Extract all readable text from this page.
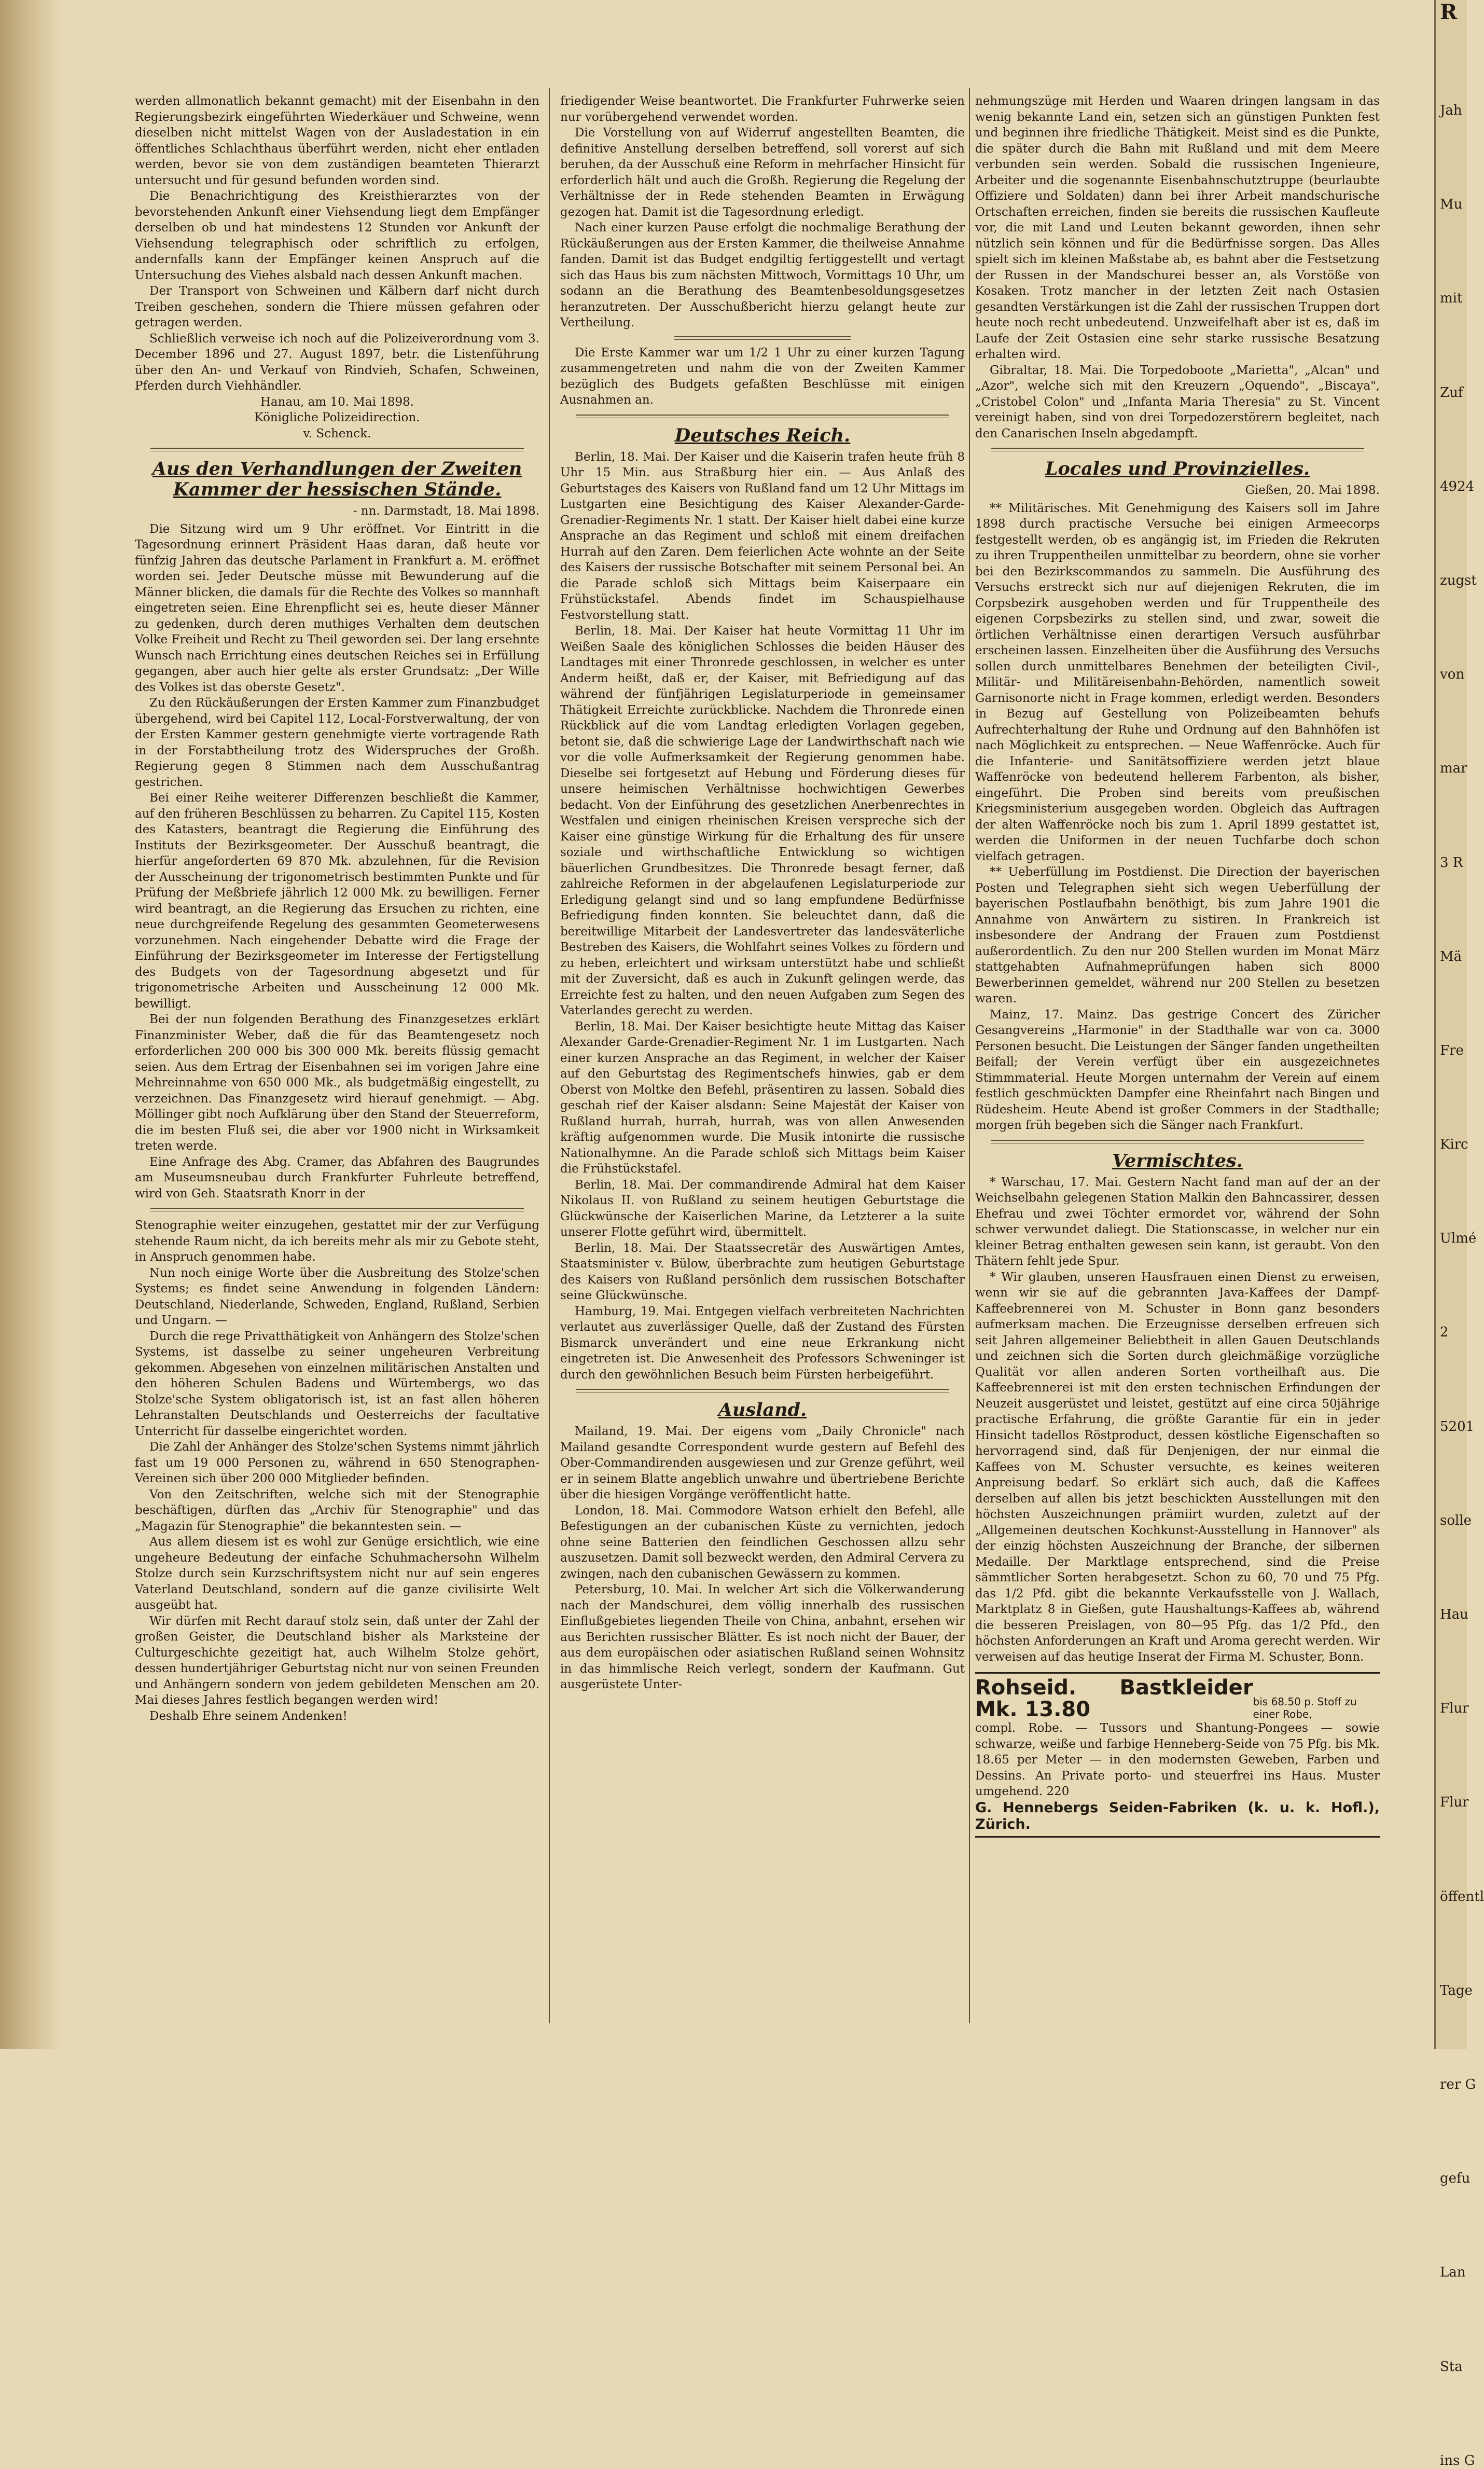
R
Jah
Mu
mit
Zuf
4924
zugst
von
mar
3 R
Mä
Fre
Kirc
Ulmé
2
5201
solle
Hau
Flur
Flur
öffentl
Tage
rer G
gefu
Lan
Sta
ins G

werden allmonatlich bekannt gemacht) mit der Eisenbahn in den Regierungsbezirk eingeführten Wiederkäuer und Schweine, wenn dieselben nicht mittelst Wagen von der Ausladestation in ein öffentliches Schlachthaus überführt werden, nicht eher entladen werden, bevor sie von dem zuständigen beamteten Thierarzt untersucht und für gesund befunden worden sind.

Die Benachrichtigung des Kreisthierarztes von der bevorstehenden Ankunft einer Viehsendung liegt dem Empfänger derselben ob und hat mindestens 12 Stunden vor Ankunft der Viehsendung telegraphisch oder schriftlich zu erfolgen, andernfalls kann der Empfänger keinen Anspruch auf die Untersuchung des Viehes alsbald nach dessen Ankunft machen.

Der Transport von Schweinen und Kälbern darf nicht durch Treiben geschehen, sondern die Thiere müssen gefahren oder getragen werden.

Schließlich verweise ich noch auf die Polizeiverordnung vom 3. December 1896 und 27. August 1897, betr. die Listenführung über den An- und Verkauf von Rindvieh, Schafen, Schweinen, Pferden durch Viehhändler.

Hanau, am 10. Mai 1898.

Königliche Polizeidirection.

v. Schenck.

Aus den Verhandlungen der Zweiten Kammer der hessischen Stände.

- nn. Darmstadt, 18. Mai 1898.

Die Sitzung wird um 9 Uhr eröffnet. Vor Eintritt in die Tagesordnung erinnert Präsident Haas daran, daß heute vor fünfzig Jahren das deutsche Parlament in Frankfurt a. M. eröffnet worden sei. Jeder Deutsche müsse mit Bewunderung auf die Männer blicken, die damals für die Rechte des Volkes so mannhaft eingetreten seien. Eine Ehrenpflicht sei es, heute dieser Männer zu gedenken, durch deren muthiges Verhalten dem deutschen Volke Freiheit und Recht zu Theil geworden sei. Der lang ersehnte Wunsch nach Errichtung eines deutschen Reiches sei in Erfüllung gegangen, aber auch hier gelte als erster Grundsatz: „Der Wille des Volkes ist das oberste Gesetz".

Zu den Rückäußerungen der Ersten Kammer zum Finanzbudget übergehend, wird bei Capitel 112, Local-Forstverwaltung, der von der Ersten Kammer gestern genehmigte vierte vortragende Rath in der Forstabtheilung trotz des Widerspruches der Großh. Regierung gegen 8 Stimmen nach dem Ausschußantrag gestrichen.

Bei einer Reihe weiterer Differenzen beschließt die Kammer, auf den früheren Beschlüssen zu beharren. Zu Capitel 115, Kosten des Katasters, beantragt die Regierung die Einführung des Instituts der Bezirksgeometer. Der Ausschuß beantragt, die hierfür angeforderten 69 870 Mk. abzulehnen, für die Revision der Ausscheinung der trigonometrisch bestimmten Punkte und für Prüfung der Meßbriefe jährlich 12 000 Mk. zu bewilligen. Ferner wird beantragt, an die Regierung das Ersuchen zu richten, eine neue durchgreifende Regelung des gesammten Geometerwesens vorzunehmen. Nach eingehender Debatte wird die Frage der Einführung der Bezirksgeometer im Interesse der Fertigstellung des Budgets von der Tagesordnung abgesetzt und für trigonometrische Arbeiten und Ausscheinung 12 000 Mk. bewilligt.

Bei der nun folgenden Berathung des Finanzgesetzes erklärt Finanzminister Weber, daß die für das Beamtengesetz noch erforderlichen 200 000 bis 300 000 Mk. bereits flüssig gemacht seien. Aus dem Ertrag der Eisenbahnen sei im vorigen Jahre eine Mehreinnahme von 650 000 Mk., als budgetmäßig eingestellt, zu verzeichnen. Das Finanzgesetz wird hierauf genehmigt. — Abg. Möllinger gibt noch Aufklärung über den Stand der Steuerreform, die im besten Fluß sei, die aber vor 1900 nicht in Wirksamkeit treten werde.

Eine Anfrage des Abg. Cramer, das Abfahren des Baugrundes am Museumsneubau durch Frankfurter Fuhrleute betreffend, wird von Geh. Staatsrath Knorr in der

Stenographie weiter einzugehen, gestattet mir der zur Verfügung stehende Raum nicht, da ich bereits mehr als mir zu Gebote steht, in Anspruch genommen habe.

Nun noch einige Worte über die Ausbreitung des Stolze'schen Systems; es findet seine Anwendung in folgenden Ländern: Deutschland, Niederlande, Schweden, England, Rußland, Serbien und Ungarn. —

Durch die rege Privatthätigkeit von Anhängern des Stolze'schen Systems, ist dasselbe zu seiner ungeheuren Verbreitung gekommen. Abgesehen von einzelnen militärischen Anstalten und den höheren Schulen Badens und Würtembergs, wo das Stolze'sche System obligatorisch ist, ist an fast allen höheren Lehranstalten Deutschlands und Oesterreichs der facultative Unterricht für dasselbe eingerichtet worden.

Die Zahl der Anhänger des Stolze'schen Systems nimmt jährlich fast um 19 000 Personen zu, während in 650 Stenographen-Vereinen sich über 200 000 Mitglieder befinden.

Von den Zeitschriften, welche sich mit der Stenographie beschäftigen, dürften das „Archiv für Stenographie" und das „Magazin für Stenographie" die bekanntesten sein. —

Aus allem diesem ist es wohl zur Genüge ersichtlich, wie eine ungeheure Bedeutung der einfache Schuhmachersohn Wilhelm Stolze durch sein Kurzschriftsystem nicht nur auf sein engeres Vaterland Deutschland, sondern auf die ganze civilisirte Welt ausgeübt hat.

Wir dürfen mit Recht darauf stolz sein, daß unter der Zahl der großen Geister, die Deutschland bisher als Marksteine der Culturgeschichte gezeitigt hat, auch Wilhelm Stolze gehört, dessen hundertjähriger Geburtstag nicht nur von seinen Freunden und Anhängern sondern von jedem gebildeten Menschen am 20. Mai dieses Jahres festlich begangen werden wird!

Deshalb Ehre seinem Andenken!

friedigender Weise beantwortet. Die Frankfurter Fuhrwerke seien nur vorübergehend verwendet worden.

Die Vorstellung von auf Widerruf angestellten Beamten, die definitive Anstellung derselben betreffend, soll vorerst auf sich beruhen, da der Ausschuß eine Reform in mehrfacher Hinsicht für erforderlich hält und auch die Großh. Regierung die Regelung der Verhältnisse der in Rede stehenden Beamten in Erwägung gezogen hat. Damit ist die Tagesordnung erledigt.

Nach einer kurzen Pause erfolgt die nochmalige Berathung der Rückäußerungen aus der Ersten Kammer, die theilweise Annahme fanden. Damit ist das Budget endgiltig fertiggestellt und vertagt sich das Haus bis zum nächsten Mittwoch, Vormittags 10 Uhr, um sodann an die Berathung des Beamtenbesoldungsgesetzes heranzutreten. Der Ausschußbericht hierzu gelangt heute zur Vertheilung.

Die Erste Kammer war um 1/2 1 Uhr zu einer kurzen Tagung zusammengetreten und nahm die von der Zweiten Kammer bezüglich des Budgets gefaßten Beschlüsse mit einigen Ausnahmen an.

Deutsches Reich.

Berlin, 18. Mai. Der Kaiser und die Kaiserin trafen heute früh 8 Uhr 15 Min. aus Straßburg hier ein. — Aus Anlaß des Geburtstages des Kaisers von Rußland fand um 12 Uhr Mittags im Lustgarten eine Besichtigung des Kaiser Alexander-Garde-Grenadier-Regiments Nr. 1 statt. Der Kaiser hielt dabei eine kurze Ansprache an das Regiment und schloß mit einem dreifachen Hurrah auf den Zaren. Dem feierlichen Acte wohnte an der Seite des Kaisers der russische Botschafter mit seinem Personal bei. An die Parade schloß sich Mittags beim Kaiserpaare ein Frühstückstafel. Abends findet im Schauspielhause Festvorstellung statt.

Berlin, 18. Mai. Der Kaiser hat heute Vormittag 11 Uhr im Weißen Saale des königlichen Schlosses die beiden Häuser des Landtages mit einer Thronrede geschlossen, in welcher es unter Anderm heißt, daß er, der Kaiser, mit Befriedigung auf das während der fünfjährigen Legislaturperiode in gemeinsamer Thätigkeit Erreichte zurückblicke. Nachdem die Thronrede einen Rückblick auf die vom Landtag erledigten Vorlagen gegeben, betont sie, daß die schwierige Lage der Landwirthschaft nach wie vor die volle Aufmerksamkeit der Regierung genommen habe. Dieselbe sei fortgesetzt auf Hebung und Förderung dieses für unsere heimischen Verhältnisse hochwichtigen Gewerbes bedacht. Von der Einführung des gesetzlichen Anerbenrechtes in Westfalen und einigen rheinischen Kreisen verspreche sich der Kaiser eine günstige Wirkung für die Erhaltung des für unsere soziale und wirthschaftliche Entwicklung so wichtigen bäuerlichen Grundbesitzes. Die Thronrede besagt ferner, daß zahlreiche Reformen in der abgelaufenen Legislaturperiode zur Erledigung gelangt sind und so lang empfundene Bedürfnisse Befriedigung finden konnten. Sie beleuchtet dann, daß die bereitwillige Mitarbeit der Landesvertreter das landesväterliche Bestreben des Kaisers, die Wohlfahrt seines Volkes zu fördern und zu heben, erleichtert und wirksam unterstützt habe und schließt mit der Zuversicht, daß es auch in Zukunft gelingen werde, das Erreichte fest zu halten, und den neuen Aufgaben zum Segen des Vaterlandes gerecht zu werden.

Berlin, 18. Mai. Der Kaiser besichtigte heute Mittag das Kaiser Alexander Garde-Grenadier-Regiment Nr. 1 im Lustgarten. Nach einer kurzen Ansprache an das Regiment, in welcher der Kaiser auf den Geburtstag des Regimentschefs hinwies, gab er dem Oberst von Moltke den Befehl, präsentiren zu lassen. Sobald dies geschah rief der Kaiser alsdann: Seine Majestät der Kaiser von Rußland hurrah, hurrah, hurrah, was von allen Anwesenden kräftig aufgenommen wurde. Die Musik intonirte die russische Nationalhymne. An die Parade schloß sich Mittags beim Kaiser die Frühstückstafel.

Berlin, 18. Mai. Der commandirende Admiral hat dem Kaiser Nikolaus II. von Rußland zu seinem heutigen Geburtstage die Glückwünsche der Kaiserlichen Marine, da Letzterer a la suite unserer Flotte geführt wird, übermittelt.

Berlin, 18. Mai. Der Staatssecretär des Auswärtigen Amtes, Staatsminister v. Bülow, überbrachte zum heutigen Geburtstage des Kaisers von Rußland persönlich dem russischen Botschafter seine Glückwünsche.

Hamburg, 19. Mai. Entgegen vielfach verbreiteten Nachrichten verlautet aus zuverlässiger Quelle, daß der Zustand des Fürsten Bismarck unverändert und eine neue Erkrankung nicht eingetreten ist. Die Anwesenheit des Professors Schweninger ist durch den gewöhnlichen Besuch beim Fürsten herbeigeführt.

Ausland.

Mailand, 19. Mai. Der eigens vom „Daily Chronicle" nach Mailand gesandte Correspondent wurde gestern auf Befehl des Ober-Commandirenden ausgewiesen und zur Grenze geführt, weil er in seinem Blatte angeblich unwahre und übertriebene Berichte über die hiesigen Vorgänge veröffentlicht hatte.

London, 18. Mai. Commodore Watson erhielt den Befehl, alle Befestigungen an der cubanischen Küste zu vernichten, jedoch ohne seine Batterien den feindlichen Geschossen allzu sehr auszusetzen. Damit soll bezweckt werden, den Admiral Cervera zu zwingen, nach den cubanischen Gewässern zu kommen.

Petersburg, 10. Mai. In welcher Art sich die Völkerwanderung nach der Mandschurei, dem völlig innerhalb des russischen Einflußgebietes liegenden Theile von China, anbahnt, ersehen wir aus Berichten russischer Blätter. Es ist noch nicht der Bauer, der aus dem europäischen oder asiatischen Rußland seinen Wohnsitz in das himmlische Reich verlegt, sondern der Kaufmann. Gut ausgerüstete Unter-

nehmungszüge mit Herden und Waaren dringen langsam in das wenig bekannte Land ein, setzen sich an günstigen Punkten fest und beginnen ihre friedliche Thätigkeit. Meist sind es die Punkte, die später durch die Bahn mit Rußland und mit dem Meere verbunden sein werden. Sobald die russischen Ingenieure, Arbeiter und die sogenannte Eisenbahnschutztruppe (beurlaubte Offiziere und Soldaten) dann bei ihrer Arbeit mandschurische Ortschaften erreichen, finden sie bereits die russischen Kaufleute vor, die mit Land und Leuten bekannt geworden, ihnen sehr nützlich sein können und für die Bedürfnisse sorgen. Das Alles spielt sich im kleinen Maßstabe ab, es bahnt aber die Festsetzung der Russen in der Mandschurei besser an, als Vorstöße von Kosaken. Trotz mancher in der letzten Zeit nach Ostasien gesandten Verstärkungen ist die Zahl der russischen Truppen dort heute noch recht unbedeutend. Unzweifelhaft aber ist es, daß im Laufe der Zeit Ostasien eine sehr starke russische Besatzung erhalten wird.

Gibraltar, 18. Mai. Die Torpedoboote „Marietta", „Alcan" und „Azor", welche sich mit den Kreuzern „Oquendo", „Biscaya", „Cristobel Colon" und „Infanta Maria Theresia" zu St. Vincent vereinigt haben, sind von drei Torpedozerstörern begleitet, nach den Canarischen Inseln abgedampft.

Locales und Provinzielles.

Gießen, 20. Mai 1898.

** Militärisches. Mit Genehmigung des Kaisers soll im Jahre 1898 durch practische Versuche bei einigen Armeecorps festgestellt werden, ob es angängig ist, im Frieden die Rekruten zu ihren Truppentheilen unmittelbar zu beordern, ohne sie vorher bei den Bezirkscommandos zu sammeln. Die Ausführung des Versuchs erstreckt sich nur auf diejenigen Rekruten, die im Corpsbezirk ausgehoben werden und für Truppentheile des eigenen Corpsbezirks zu stellen sind, und zwar, soweit die örtlichen Verhältnisse einen derartigen Versuch ausführbar erscheinen lassen. Einzelheiten über die Ausführung des Versuchs sollen durch unmittelbares Benehmen der beteiligten Civil-, Militär- und Militäreisenbahn-Behörden, namentlich soweit Garnisonorte nicht in Frage kommen, erledigt werden. Besonders in Bezug auf Gestellung von Polizeibeamten behufs Aufrechterhaltung der Ruhe und Ordnung auf den Bahnhöfen ist nach Möglichkeit zu entsprechen. — Neue Waffenröcke. Auch für die Infanterie- und Sanitätsoffiziere werden jetzt blaue Waffenröcke von bedeutend hellerem Farbenton, als bisher, eingeführt. Die Proben sind bereits vom preußischen Kriegsministerium ausgegeben worden. Obgleich das Auftragen der alten Waffenröcke noch bis zum 1. April 1899 gestattet ist, werden die Uniformen in der neuen Tuchfarbe doch schon vielfach getragen.

** Ueberfüllung im Postdienst. Die Direction der bayerischen Posten und Telegraphen sieht sich wegen Ueberfüllung der bayerischen Postlaufbahn benöthigt, bis zum Jahre 1901 die Annahme von Anwärtern zu sistiren. In Frankreich ist insbesondere der Andrang der Frauen zum Postdienst außerordentlich. Zu den nur 200 Stellen wurden im Monat März stattgehabten Aufnahmeprüfungen haben sich 8000 Bewerberinnen gemeldet, während nur 200 Stellen zu besetzen waren.

Mainz, 17. Mainz. Das gestrige Concert des Züricher Gesangvereins „Harmonie" in der Stadthalle war von ca. 3000 Personen besucht. Die Leistungen der Sänger fanden ungetheilten Beifall; der Verein verfügt über ein ausgezeichnetes Stimmmaterial. Heute Morgen unternahm der Verein auf einem festlich geschmückten Dampfer eine Rheinfahrt nach Bingen und Rüdesheim. Heute Abend ist großer Commers in der Stadthalle; morgen früh begeben sich die Sänger nach Frankfurt.

Vermischtes.

* Warschau, 17. Mai. Gestern Nacht fand man auf der an der Weichselbahn gelegenen Station Malkin den Bahncassirer, dessen Ehefrau und zwei Töchter ermordet vor, während der Sohn schwer verwundet daliegt. Die Stationscasse, in welcher nur ein kleiner Betrag enthalten gewesen sein kann, ist geraubt. Von den Thätern fehlt jede Spur.

* Wir glauben, unseren Hausfrauen einen Dienst zu erweisen, wenn wir sie auf die gebrannten Java-Kaffees der Dampf-Kaffeebrennerei von M. Schuster in Bonn ganz besonders aufmerksam machen. Die Erzeugnisse derselben erfreuen sich seit Jahren allgemeiner Beliebtheit in allen Gauen Deutschlands und zeichnen sich die Sorten durch gleichmäßige vorzügliche Qualität vor allen anderen Sorten vortheilhaft aus. Die Kaffeebrennerei ist mit den ersten technischen Erfindungen der Neuzeit ausgerüstet und leistet, gestützt auf eine circa 50jährige practische Erfahrung, die größte Garantie für ein in jeder Hinsicht tadellos Röstproduct, dessen köstliche Eigenschaften so hervorragend sind, daß für Denjenigen, der nur einmal die Kaffees von M. Schuster versuchte, es keines weiteren Anpreisung bedarf. So erklärt sich auch, daß die Kaffees derselben auf allen bis jetzt beschickten Ausstellungen mit den höchsten Auszeichnungen prämiirt wurden, zuletzt auf der „Allgemeinen deutschen Kochkunst-Ausstellung in Hannover" als der einzig höchsten Auszeichnung der Branche, der silbernen Medaille. Der Marktlage entsprechend, sind die Preise sämmtlicher Sorten herabgesetzt. Schon zu 60, 70 und 75 Pfg. das 1/2 Pfd. gibt die bekannte Verkaufsstelle von J. Wallach, Marktplatz 8 in Gießen, gute Haushaltungs-Kaffees ab, während die besseren Preislagen, von 80—95 Pfg. das 1/2 Pfd., den höchsten Anforderungen an Kraft und Aroma gerecht werden. Wir verweisen auf das heutige Inserat der Firma M. Schuster, Bonn.

Rohseid. Bastkleider Mk. 13.80	bis 68.50 p. Stoff zu einer Robe,

compl. Robe. — Tussors und Shantung-Pongees — sowie schwarze, weiße und farbige Henneberg-Seide von 75 Pfg. bis Mk. 18.65 per Meter — in den modernsten Geweben, Farben und Dessins. An Private porto- und steuerfrei ins Haus. Muster umgehend. 220

G. Hennebergs Seiden-Fabriken (k. u. k. Hofl.), Zürich.
